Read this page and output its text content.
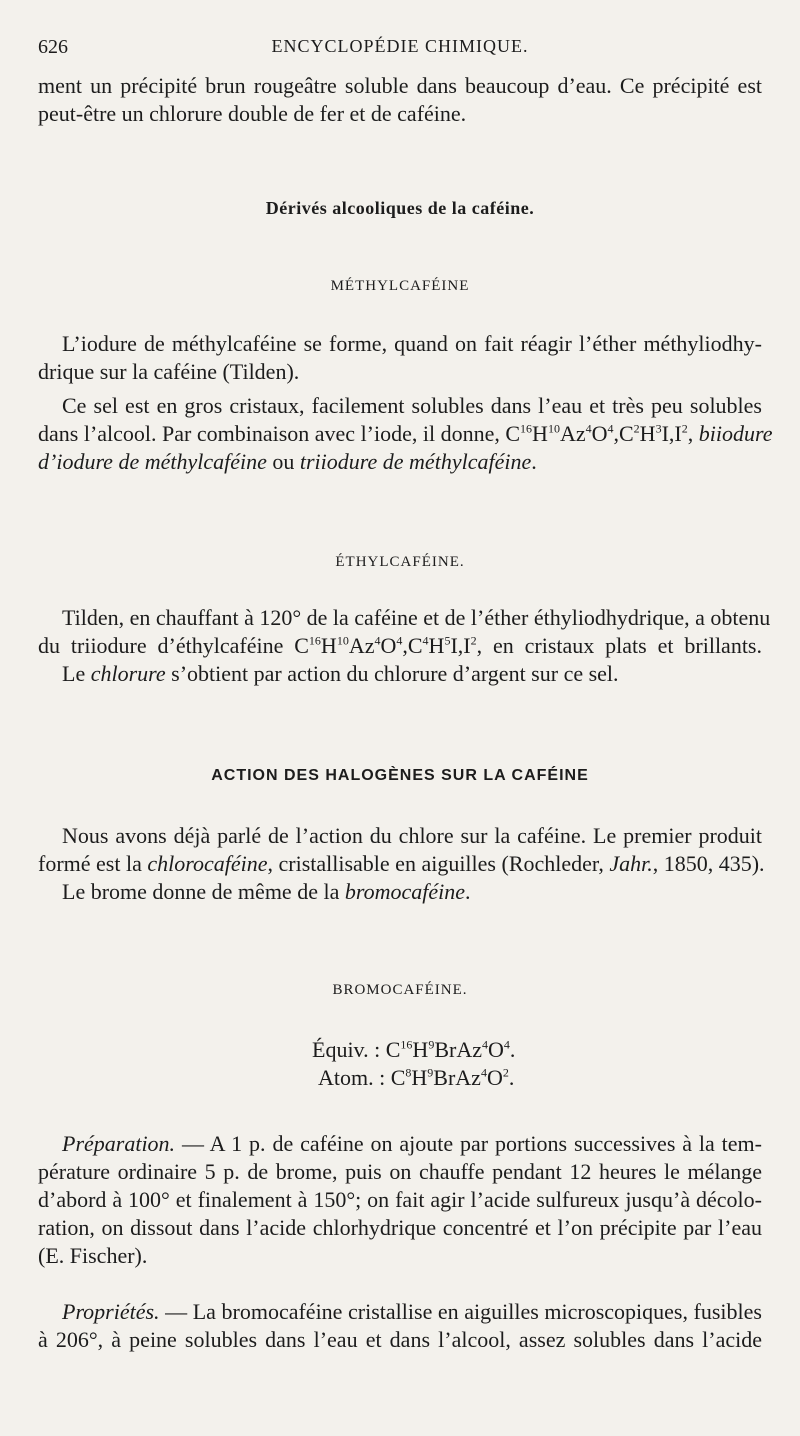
626	ENCYCLOPÉDIE CHIMIQUE.
ment un précipité brun rougeâtre soluble dans beaucoup d’eau. Ce précipité est
peut-être un chlorure double de fer et de caféine.
Dérivés alcooliques de la caféine.
MÉTHYLCAFÉINE
L’iodure de méthylcaféine se forme, quand on fait réagir l’éther méthyliodhy-
drique sur la caféine (Tilden).
Ce sel est en gros cristaux, facilement solubles dans l’eau et très peu solubles
dans l’alcool. Par combinaison avec l’iode, il donne, $C^{16}H^{10}Az^4O^4,C^2H^3I,I^2$, biiodure
d’iodure de méthylcaféine ou triiodure de méthylcaféine.
ÉTHYLCAFÉINE.
Tilden, en chauffant à 120° de la caféine et de l’éther éthyliodhydrique, a obtenu
du triiodure d’éthylcaféine $C^{16}H^{10}Az^4O^4,C^4H^5I,I^2$, en cristaux plats et brillants.
Le chlorure s’obtient par action du chlorure d’argent sur ce sel.
ACTION DES HALOGÈNES SUR LA CAFÉINE
Nous avons déjà parlé de l’action du chlore sur la caféine. Le premier produit
formé est la chlorocaféine, cristallisable en aiguilles (Rochleder, Jahr., 1850, 435).
Le brome donne de même de la bromocaféine.
BROMOCAFÉINE.
Équiv. : $C^{16}H^9BrAz^4O^4$.
Atom. : $C^8H^9BrAz^4O^2$.
Préparation. — A 1 p. de caféine on ajoute par portions successives à la tem-
pérature ordinaire 5 p. de brome, puis on chauffe pendant 12 heures le mélange
d’abord à 100° et finalement à 150°; on fait agir l’acide sulfureux jusqu’à décolo-
ration, on dissout dans l’acide chlorhydrique concentré et l’on précipite par l’eau
(E. Fischer).
Propriétés. — La bromocaféine cristallise en aiguilles microscopiques, fusibles
à 206°, à peine solubles dans l’eau et dans l’alcool, assez solubles dans l’acide
